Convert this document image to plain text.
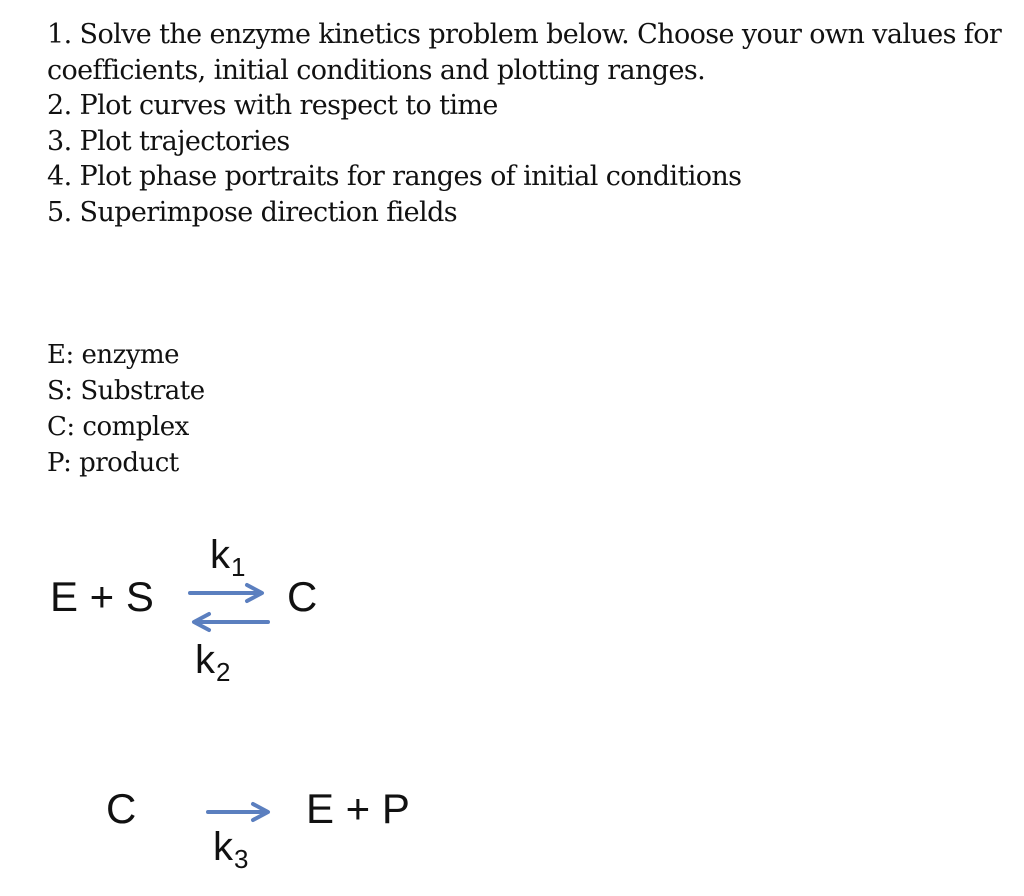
1. Solve the enzyme kinetics problem below. Choose your own values for
coefficients, initial conditions and plotting ranges.
2. Plot curves with respect to time
3. Plot trajectories
4. Plot phase portraits for ranges of initial conditions
5. Superimpose direction fields
E: enzyme
S: Substrate
C: complex
P: product
E + S	C
$k_1$
$k_2$
C	E + P
$k_3$
